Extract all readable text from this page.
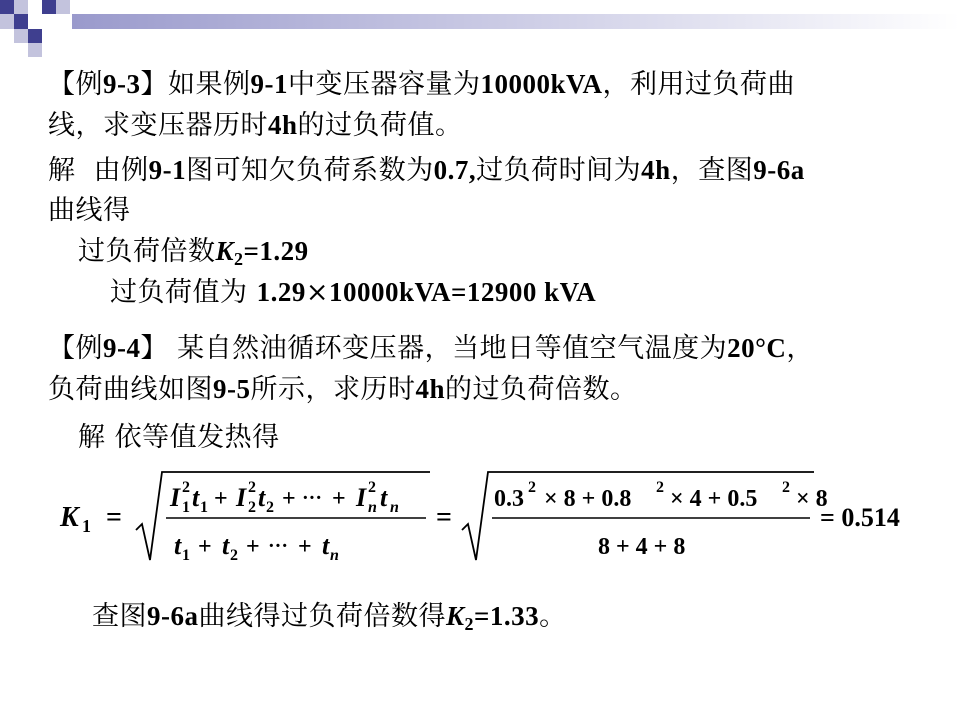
【例9-3】如果例9-1中变压器容量为10000kVA，利用过负荷曲
线，求变压器历时4h的过负荷值。
解 由例9-1图可知欠负荷系数为0.7,过负荷时间为4h，查图9-6a
曲线得
过负荷倍数$K_2=1.29$
过负荷值为 1.29×10000kVA=12900 kVA
【例9-4】 某自然油循环变压器，当地日等值空气温度为20°C，
负荷曲线如图9-5所示，求历时4h的过负荷倍数。
解 依等值发热得
K 1 =
I 2
1 t 1 + I 2
2 t 2 + ··· + I 2
n t n
t 1 + t 2 + ··· + t n
=
0.3 2 × 8 + 0.8 2 × 4 + 0.5 2 × 8
8 + 4 + 8
= 0.514
查图9-6a曲线得过负荷倍数得$K_2=1.33$。
